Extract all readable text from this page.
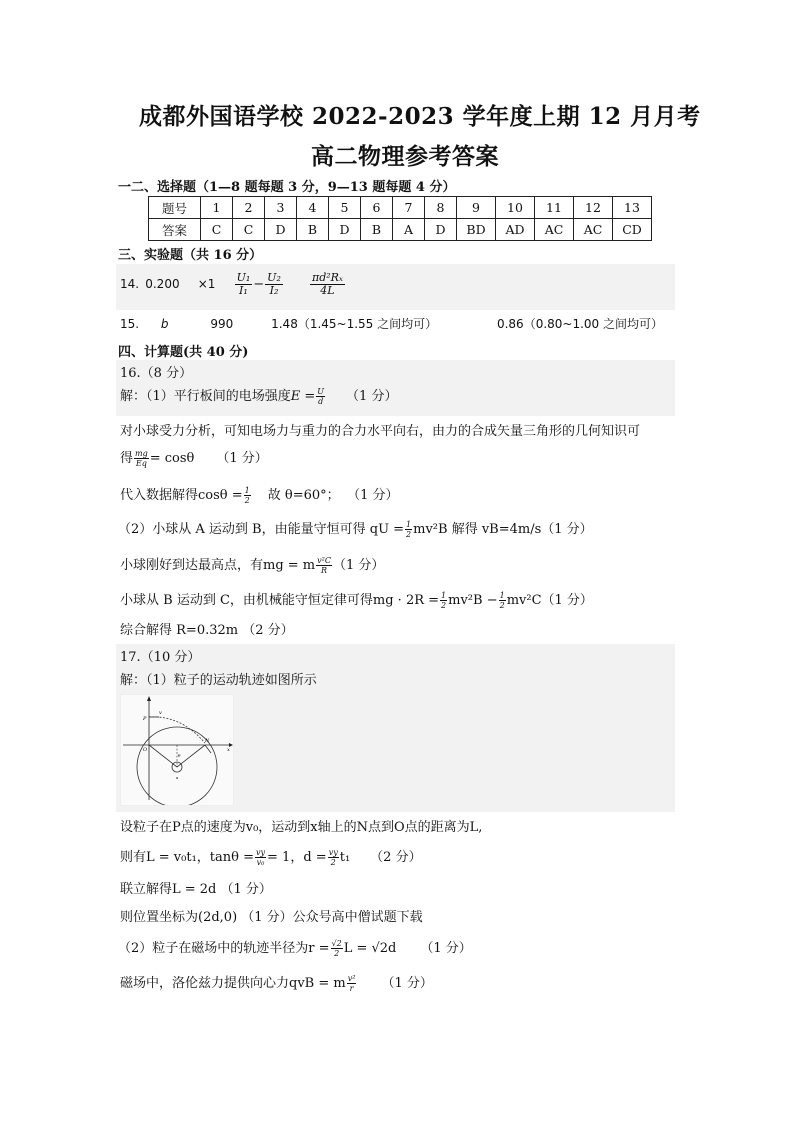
成都外国语学校 2022-2023 学年度上期 12 月月考
高二物理参考答案
一二、选择题（1—8 题每题 3 分，9—13 题每题 4 分）
题号	1	2	3	4	5	6	7	8	9	10	11	12	13
答案	C	C	D	B	D	B	A	D	BD	AD	AC	AC	CD
三、实验题（共 16 分）
14. $0.200 \times 1 \frac{\text{U₁}}{\text{I₁}} - \frac{\text{U₂}}{\text{I₂}}$
$\frac{\text{πd²Rₓ}}{4L}$
15. b	990	1.48（1.45~1.55 之间均可）	0.86（0.80~1.00 之间均可）
四、计算题(共 40 分)
16.（8 分）
解：（1）平行板间的电场强度$E = \frac{U}{d} (1$ 分）
对小球受力分析，可知电场力与重力的合力水平向右，由力的合成矢量三角形的几何知识可
得 $\frac{mg}{Eq} = \cos\theta$ （1 分）
代入数据解得$\cos\theta = \frac{1}{2}$ 故 θ=60°； （1 分）
（2）小球从 A 运动到 B，由能量守恒可得 qU = $\frac{1}{2} mv^2B$ 解得 vB=4m/s（1 分）
小球刚好到达最高点，有mg = m $\frac{\text{v²C}}{R} (1$ 分）
小球从 B 运动到 C，由机械能守恒定律可得mg · $2R = \frac{1}{2} mv^2B - \frac{1}{2} mv^2C(1$ 分）
综合解得 R=0.32m （2 分）
17.（10 分）
解：（1）粒子的运动轨迹如图所示
P
v
O
N
x
θ
a
设粒子在P点的速度为v₀，运动到x轴上的N点到O点的距离为L,
则有L = v₀t₁，$\tan\theta = \frac{vy}{\text{v₀}} = 1$，$d = \frac{vy}{2} t_1$ （2 分）
联立解得L = 2d （1 分）
则位置坐标为(2d,0) （1 分）公众号高中僧试题下载
（2）粒子在磁场中的轨迹半径为$r = \frac{√2}{2}$ L = √2d （1 分）
磁场中，洛伦兹力提供向心力qvB = m $\frac{\text{v²}}{r} (1$ 分）
